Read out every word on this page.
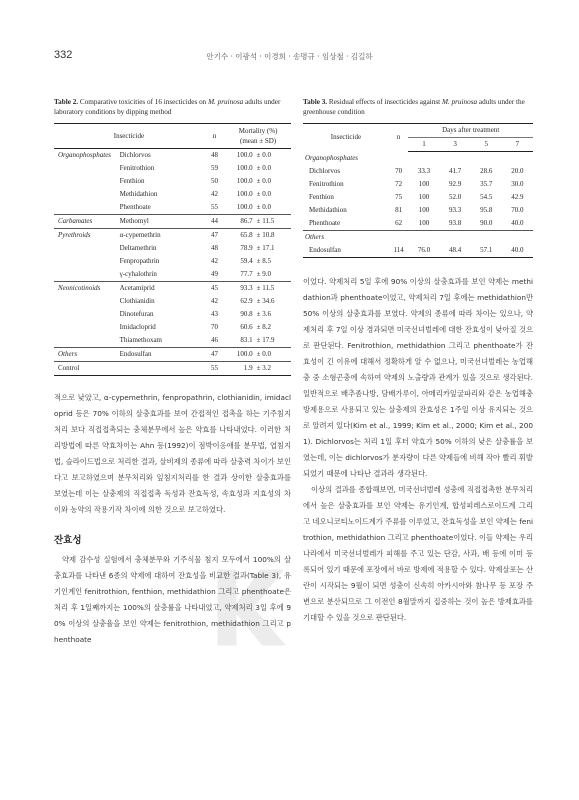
332	안기수 · 이광석 · 이경희 · 송명규 · 임상철 · 김길하
Table 2. Comparative toxicities of 16 insecticides on M. pruinosa adults under laboratory conditions by dipping method
Insecticide		n	Mortality (%)
(mean ± SD)	

Organophosphates	Dichlorvos	48	100.0	± 0.0
	Fenitrothion	59	100.0	± 0.0
	Fenthion	50	100.0	± 0.0
	Methidathion	42	100.0	± 0.0
	Phenthoate	55	100.0	± 0.0
Carbamates	Methomyl	44	86.7	± 11.5
Pyrethroids	α-cypemethrin	47	65.8	± 10.8
	Deltamethrin	48	78.9	± 17.1
	Fenpropathrin	42	59.4	± 8.5
	γ-cyhalothrin	49	77.7	± 9.0
Neonicotinoids	Acetamiprid	45	93.3	± 11.5
	Clothianidin	42	62.9	± 34.6
	Dinotefuran	43	90.8	± 3.6
	Imidacloprid	70	60.6	± 8.2
	Thiamethoxam	46	83.1	± 17.9
Others	Endosulfan	47	100.0	± 0.0
Control		55	1.9	± 3.2
적으로 낮았고, α-cypemethrin, fenpropathrin, clothianidin, imidacloprid 등은 70% 이하의 살충효과를 보여 간접적인 접촉을 하는 기주침지처리 보다 직접접촉되는 충체분무에서 높은 약효를 나타내었다. 이러한 처리방법에 따른 약효차이는 Ahn 등(1992)이 점박이응애를 분무법, 엽침지법, 슬라이드법으로 처리한 결과, 살비제의 종류에 따라 살충력 차이가 보인다고 보고하였으며 분무처리와 잎침지처리를 한 결과 상이한 살충효과를 보였는데 이는 살충제의 직접접촉 독성과 잔효독성, 속효성과 지효성의 차이와 농약의 작용기작 차이에 의한 것으로 보고하였다.
잔효성
약제 감수성 실험에서 충체분무와 기주식물 침지 모두에서 100%의 살충효과를 나타낸 6종의 약제에 대하여 잔효성을 비교한 결과(Table 3), 유기인계인 fenitrothion, fenthion, methidathion 그리고 phenthoate은 처리 후 1일째까지는 100%의 살충률을 나타내었고, 약제처리 3일 후에 90% 이상의 살충율을 보인 약제는 fenitrothion, methidathion 그리고 phenthoate
Table 3. Residual effects of insecticides against M. pruinosa adults under the greenhouse condition
Insecticide	n	Days after treatment			
		1	3	5	7
Organophosphates					
Dichlorvos	70	33.3	41.7	28.6	20.0
Fenitrothion	72	100	92.9	35.7	30.0
Fenthion	75	100	52.0	54.5	42.9
Methidathion	81	100	93.3	95.8	70.0
Phenthoate	62	100	93.8	90.0	40.0
Others					
Endosulfan	114	76.0	48.4	57.1	40.0
이었다. 약제처리 5일 후에 90% 이상의 살충효과를 보인 약제는 methidathion과 phenthoate이었고, 약제처리 7일 후에는 methidathion만 50% 이상의 살충효과를 보였다. 약제의 종류에 따라 차이는 있으나, 약제처리 후 7일 이상 경과되면 미국선녀벌레에 대한 잔효성이 낮아질 것으로 판단된다. Fenitrothion, methidathion 그리고 phenthoate가 잔효성이 긴 이유에 대해서 정확하게 알 수 없으나, 미국선녀벌레는 농업해충 중 소형곤충에 속하여 약제의 노출량과 관계가 있을 것으로 생각된다. 일반적으로 배추좀나방, 담배가루이, 아메리카잎굴파리와 같은 농업해충방제용으로 사용되고 있는 살충제의 잔효성은 1주일 이상 유지되는 것으로 알려져 있다(Kim et al., 1999; Kim et al., 2000; Kim et al., 2001). Dichlorvos는 처리 1일 후터 약효가 50% 이하의 낮은 살충률을 보였는데, 이는 dichlorvos가 분자량이 다른 약제들에 비해 작아 빨리 휘발되었기 때문에 나타난 결과라 생각된다.
이상의 결과를 종합해보면, 미국선녀벌레 성충에 직접접촉한 분무처리에서 높은 살충효과를 보인 약제는 유기인계, 합성피레스로이드계 그리고 네오니코티노이드계가 주류를 이루었고, 잔효독성을 보인 약제는 fenitrothion, methidathion 그리고 phenthoate이었다. 이들 약제는 우리나라에서 미국선녀벌레가 피해를 주고 있는 단감, 사과, 배 등에 이미 등록되어 있기 때문에 포장에서 바로 방제에 적용할 수 있다. 약제살포는 산란이 시작되는 9월이 되면 성충이 신속히 아카시아와 참나무 등 포장 주변으로 분산되므로 그 이전인 8월말까지 집중하는 것이 높은 방제효과를 기대할 수 있을 것으로 판단된다.
